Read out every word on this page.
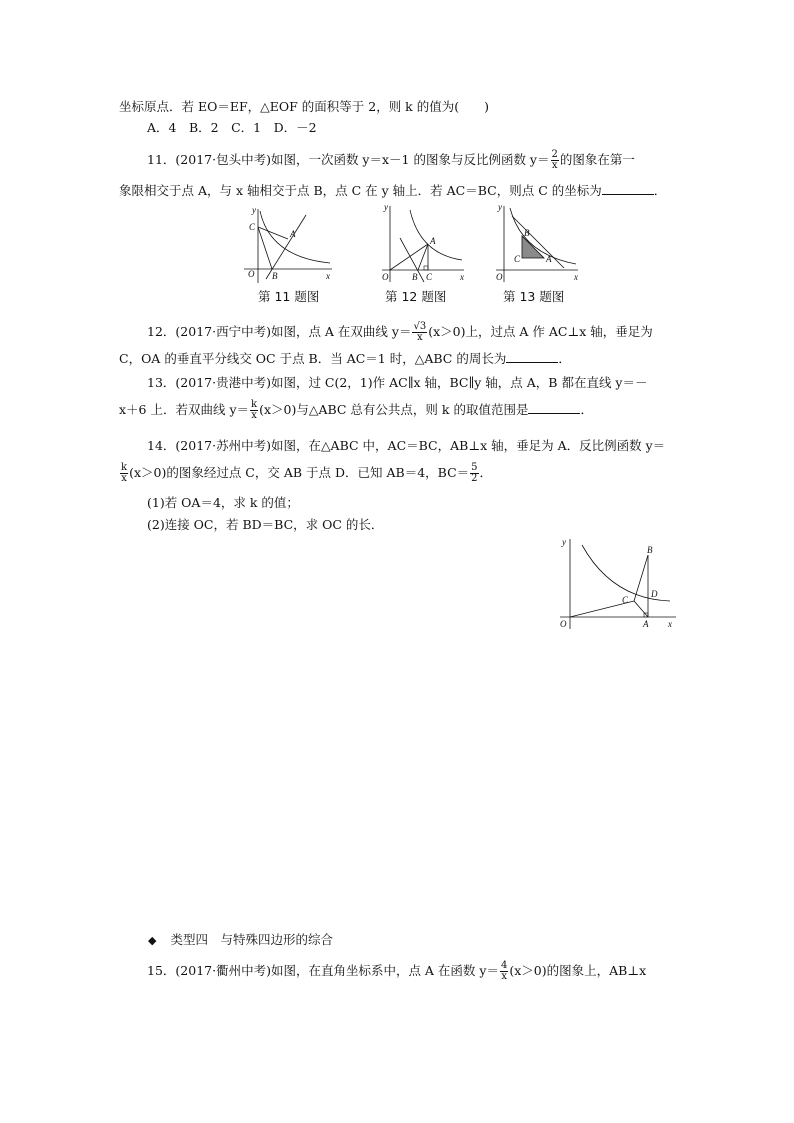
坐标原点．若 EO＝EF，△EOF 的面积等于 2，则 k 的值为(　　)
A．4　B．2　C．1　D．－2
11．(2017·包头中考)如图，一次函数 y＝x－1 的图象与反比例函数 $y= \frac{2}{x}$ 的图象在第一
象限相交于点 A，与 x 轴相交于点 B，点 C 在 y 轴上．若 AC＝BC，则点 C 的坐标为	．
y
x
O
C
A
B
y
x
O
A
B C
y
x
O
B
C	A
第 11 题图	第 12 题图	第 13 题图
12．(2017·西宁中考)如图，点 A 在双曲线 $y= \frac{√3}{x} (x>0)$上，过点 A 作 AC⊥x 轴，垂足为
C，OA 的垂直平分线交 OC 于点 B．当 AC＝1 时，△ABC 的周长为	．
13．(2017·贵港中考)如图，过 C(2，1)作 AC∥x 轴，BC∥y 轴，点 A，B 都在直线 y＝－
x＋6 上．若双曲线 $y= \frac{k}{x} (x>0)$与△ABC 总有公共点，则 k 的取值范围是	．
14．(2017·苏州中考)如图，在△ABC 中，AC＝BC，AB⊥x 轴，垂足为 A．反比例函数 y＝
$\frac{k}{x} (x>0)$的图象经过点 C，交 AB 于点 D．已知 AB＝4，$BC= \frac{5}{2}$ ．
(1)若 OA＝4，求 k 的值；
(2)连接 OC，若 BD＝BC，求 OC 的长．
y
x
O	A
B
C
D
◆ 类型四　与特殊四边形的综合
15．(2017·衢州中考)如图，在直角坐标系中，点 A 在函数 $y= \frac{4}{x} (x>0)$的图象上，AB⊥x
